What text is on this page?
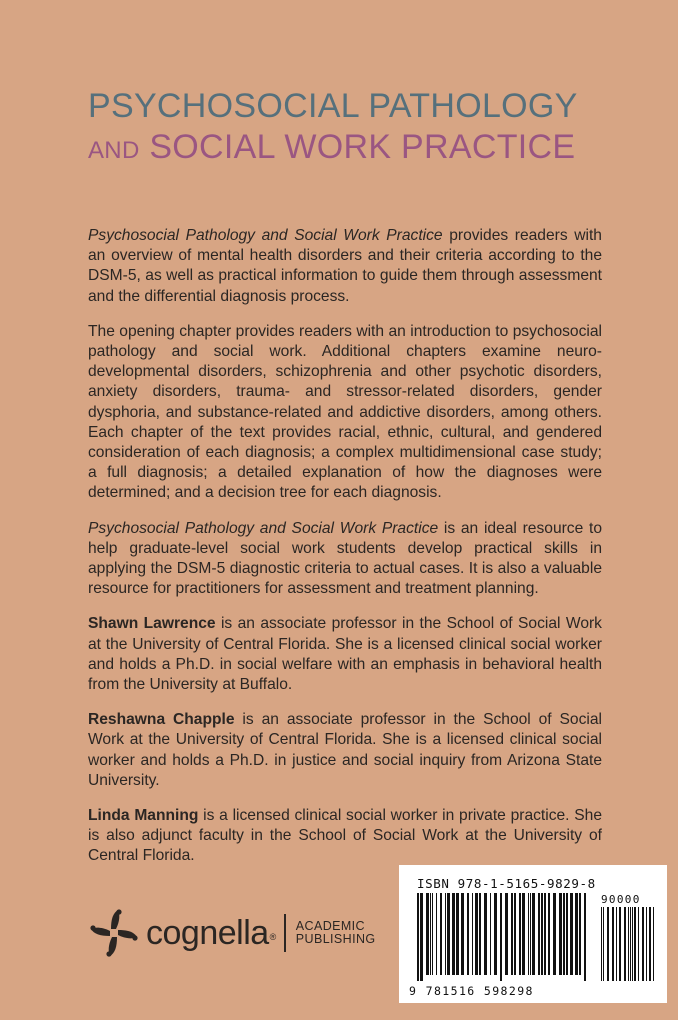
PSYCHOSOCIAL PATHOLOGY
AND SOCIAL WORK PRACTICE

Psychosocial Pathology and Social Work Practice provides readers with an overview of mental health disorders and their criteria according to the DSM-5, as well as practical information to guide them through assessment and the differential diagnosis process.

The opening chapter provides readers with an introduction to psychosocial pathology and social work. Additional chapters examine neurodevelopmental disorders, schizophrenia and other psychotic disorders, anxiety disorders, trauma- and stressor-related disorders, gender dysphoria, and substance-related and addictive disorders, among others. Each chapter of the text provides racial, ethnic, cultural, and gendered consideration of each diagnosis; a complex multidimensional case study; a full diagnosis; a detailed explanation of how the diagnoses were determined; and a decision tree for each diagnosis.

Psychosocial Pathology and Social Work Practice is an ideal resource to help graduate-level social work students develop practical skills in applying the DSM-5 diagnostic criteria to actual cases. It is also a valuable resource for practitioners for assessment and treatment planning.

Shawn Lawrence is an associate professor in the School of Social Work at the University of Central Florida. She is a licensed clinical social worker and holds a Ph.D. in social welfare with an emphasis in behavioral health from the University at Buffalo.

Reshawna Chapple is an associate professor in the School of Social Work at the University of Central Florida. She is a licensed clinical social worker and holds a Ph.D. in justice and social inquiry from Arizona State University.

Linda Manning is a licensed clinical social worker in private practice. She is also adjunct faculty in the School of Social Work at the University of Central Florida.

cognella ®
ACADEMIC
PUBLISHING
ISBN 978-1-5165-9829-8
9 781516 598298
90000
